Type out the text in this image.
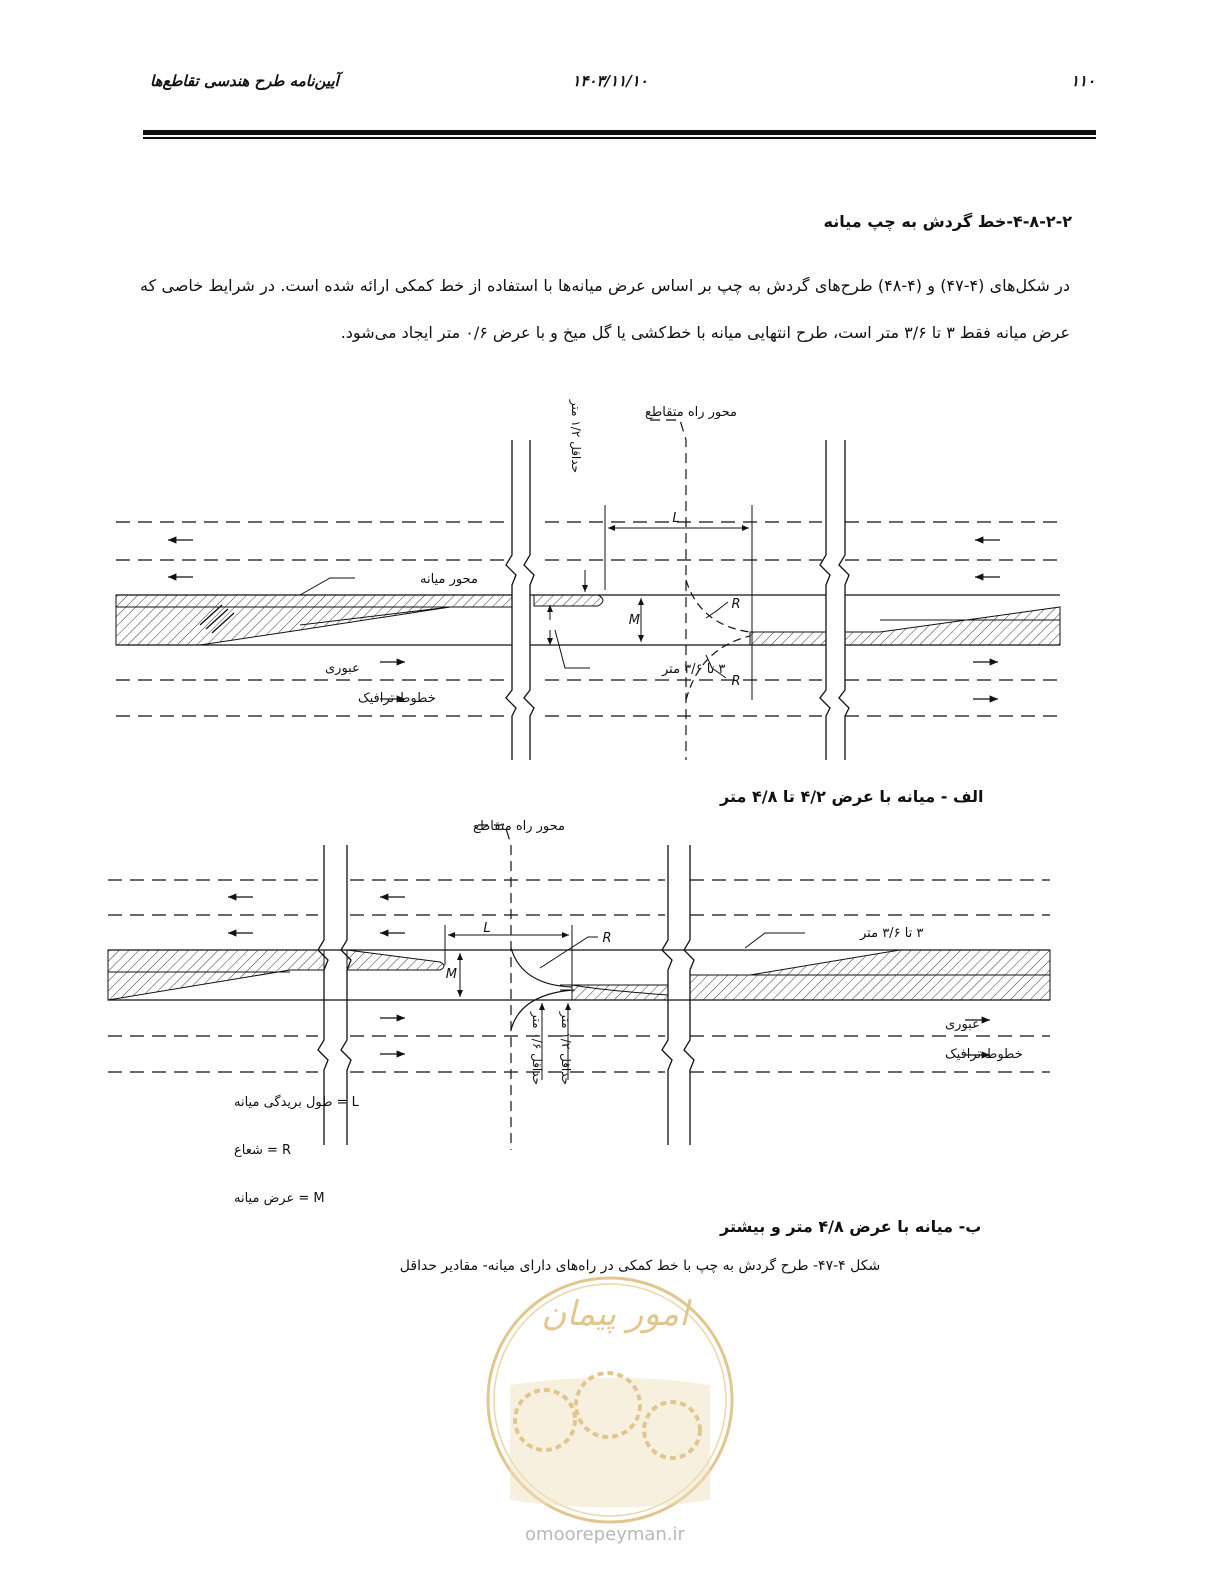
آیین‌نامه طرح هندسی تقاطع‌ها	۱۴۰۳/۱۱/۱۰	۱۱۰
۴-۸-۲-۲-خط گردش به چپ میانه
در شکل‌های (۴-۴۷) و (۴-۴۸) طرح‌های گردش به چپ بر اساس عرض میانه‌ها با استفاده از خط کمکی ارائه شده است. در شرایط خاصی که عرض میانه فقط ۳ تا ۳/۶ متر است، طرح انتهایی میانه با خط‌کشی یا گل میخ و با عرض ۰/۶ متر ایجاد می‌شود.
محور راه متقاطع
حداقل ۱/۲ متر
L
R
R
M
محور میانه
عبوری
خطوط ترافیک
۳ تا ۳/۶ متر
الف - میانه با عرض ۴/۲ تا ۴/۸ متر
محور راه متقاطع
L
R
M
۳ تا ۳/۶ متر
عبوری
خطوط ترافیک
حداقل ۰/۶ متر
حداقل ۱/۲ متر
ب- میانه با عرض ۴/۸ متر و بیشتر
L = طول بریدگی میانه
R = شعاع
M = عرض میانه
امور پیمان
شکل ۴-۴۷- طرح گردش به چپ با خط کمکی در راه‌های دارای میانه- مقادیر حداقل
omoorepeyman.ir
